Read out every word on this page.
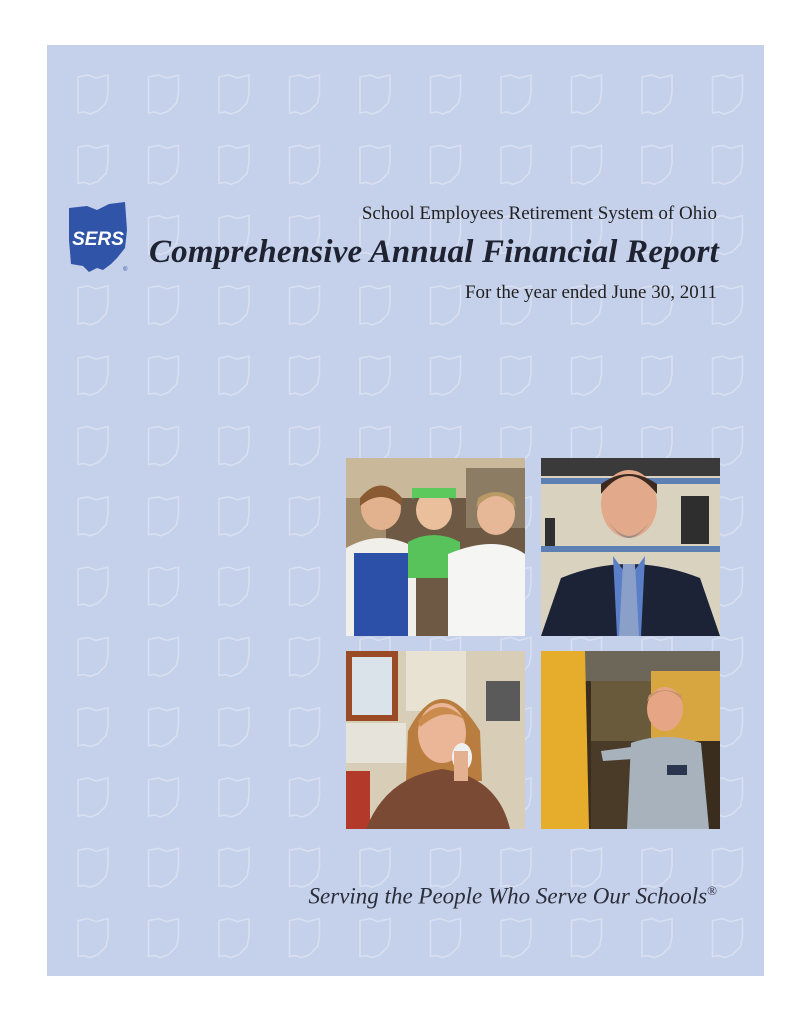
SERS
®
School Employees Retirement System of Ohio
Comprehensive Annual Financial Report
For the year ended June 30, 2011
Serving the People Who Serve Our Schools®
